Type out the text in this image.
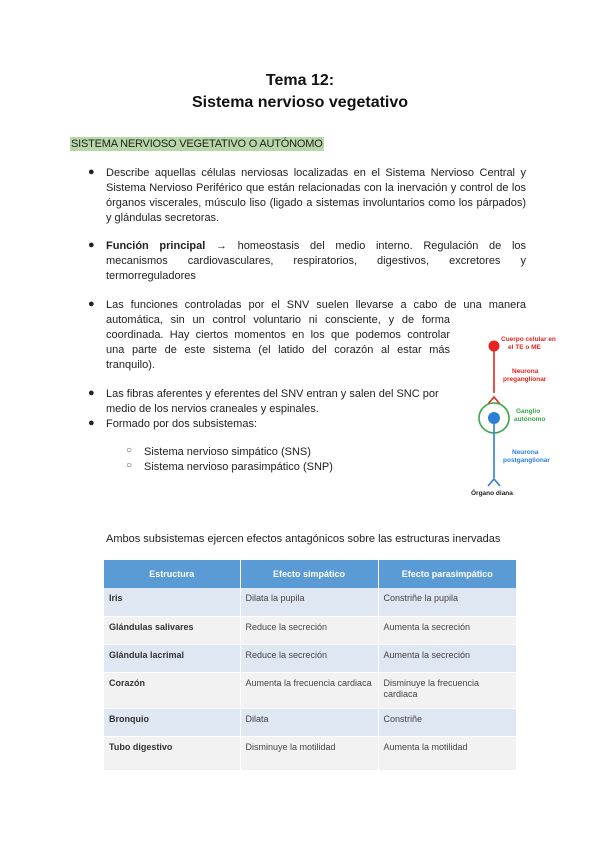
Tema 12:
Sistema nervioso vegetativo
SISTEMA NERVIOSO VEGETATIVO O AUTÓNOMO
● Describe aquellas células nerviosas localizadas en el Sistema Nervioso Central y
Sistema Nervioso Periférico que están relacionadas con la inervación y control de los
órganos viscerales, músculo liso (ligado a sistemas involuntarios como los párpados)
y glándulas secretoras.
● Función principal → homeostasis del medio interno. Regulación de los
mecanismos cardiovasculares, respiratorios, digestivos, excretores y
termorreguladores
● Las funciones controladas por el SNV suelen llevarse a cabo de una manera
automática, sin un control voluntario ni consciente, y de forma
coordinada. Hay ciertos momentos en los que podemos controlar
una parte de este sistema (el latido del corazón al estar más
tranquilo).
● Las fibras aferentes y eferentes del SNV entran y salen del SNC por
medio de los nervios craneales y espinales.
● Formado por dos subsistemas:
○ Sistema nervioso simpático (SNS)
○ Sistema nervioso parasimpático (SNP)
Cuerpo celular en
el TE o ME
Neurona
preganglionar
Ganglio
autónomo
Neurona
postganglionar
Órgano diana
Ambos subsistemas ejercen efectos antagónicos sobre las estructuras inervadas
Estructura	Efecto simpático	Efecto parasimpático
Iris	Dilata la pupila	Constriñe la pupila
Glándulas salivares	Reduce la secreción	Aumenta la secreción
Glándula lacrimal	Reduce la secreción	Aumenta la secreción
Corazón	Aumenta la frecuencia cardiaca	Disminuye la frecuencia cardiaca
Bronquio	Dilata	Constriñe
Tubo digestivo	Disminuye la motilidad	Aumenta la motilidad
